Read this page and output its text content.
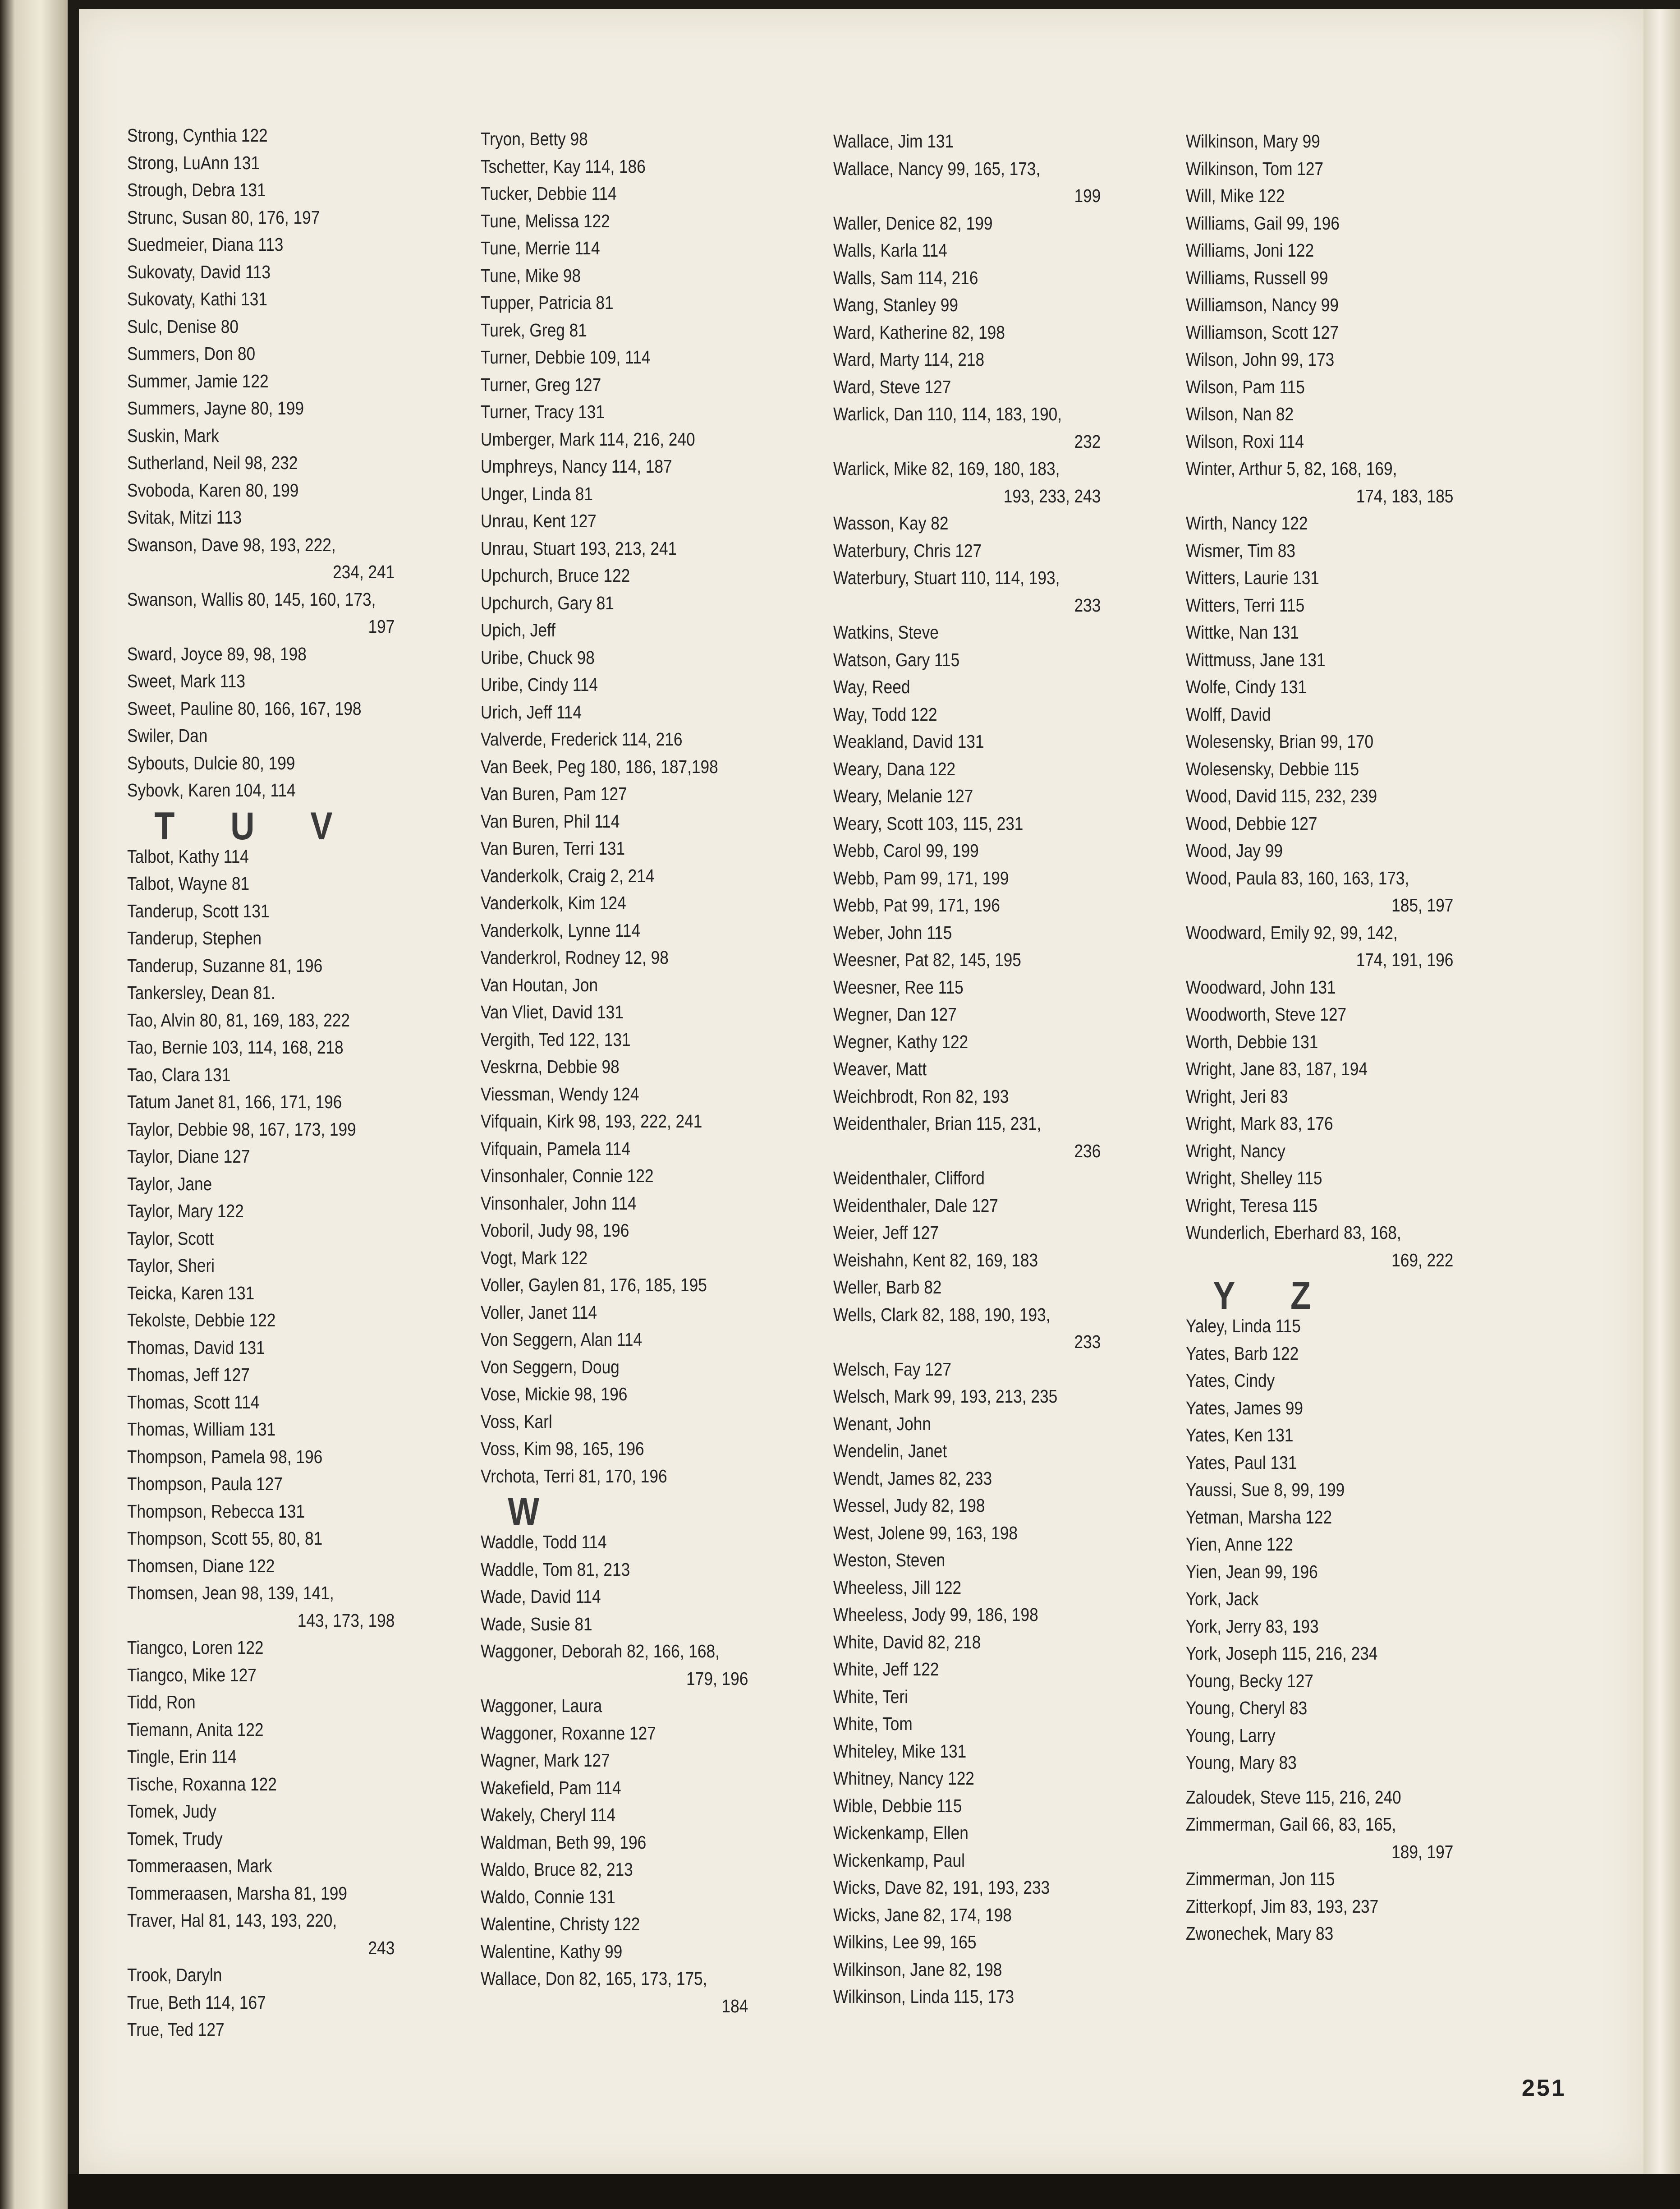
Strong, Cynthia 122
Strong, LuAnn 131
Strough, Debra 131
Strunc, Susan 80, 176, 197
Suedmeier, Diana 113
Sukovaty, David 113
Sukovaty, Kathi 131
Sulc, Denise 80
Summers, Don 80
Summer, Jamie 122
Summers, Jayne 80, 199
Suskin, Mark
Sutherland, Neil 98, 232
Svoboda, Karen 80, 199
Svitak, Mitzi 113
Swanson, Dave 98, 193, 222,
234, 241
Swanson, Wallis 80, 145, 160, 173,
197
Sward, Joyce 89, 98, 198
Sweet, Mark 113
Sweet, Pauline 80, 166, 167, 198
Swiler, Dan
Sybouts, Dulcie 80, 199
Sybovk, Karen 104, 114
T U V
Talbot, Kathy 114
Talbot, Wayne 81
Tanderup, Scott 131
Tanderup, Stephen
Tanderup, Suzanne 81, 196
Tankersley, Dean 81.
Tao, Alvin 80, 81, 169, 183, 222
Tao, Bernie 103, 114, 168, 218
Tao, Clara 131
Tatum Janet 81, 166, 171, 196
Taylor, Debbie 98, 167, 173, 199
Taylor, Diane 127
Taylor, Jane
Taylor, Mary 122
Taylor, Scott
Taylor, Sheri
Teicka, Karen 131
Tekolste, Debbie 122
Thomas, David 131
Thomas, Jeff 127
Thomas, Scott 114
Thomas, William 131
Thompson, Pamela 98, 196
Thompson, Paula 127
Thompson, Rebecca 131
Thompson, Scott 55, 80, 81
Thomsen, Diane 122
Thomsen, Jean 98, 139, 141,
143, 173, 198
Tiangco, Loren 122
Tiangco, Mike 127
Tidd, Ron
Tiemann, Anita 122
Tingle, Erin 114
Tische, Roxanna 122
Tomek, Judy
Tomek, Trudy
Tommeraasen, Mark
Tommeraasen, Marsha 81, 199
Traver, Hal 81, 143, 193, 220,
243
Trook, Daryln
True, Beth 114, 167
True, Ted 127
Tryon, Betty 98
Tschetter, Kay 114, 186
Tucker, Debbie 114
Tune, Melissa 122
Tune, Merrie 114
Tune, Mike 98
Tupper, Patricia 81
Turek, Greg 81
Turner, Debbie 109, 114
Turner, Greg 127
Turner, Tracy 131
Umberger, Mark 114, 216, 240
Umphreys, Nancy 114, 187
Unger, Linda 81
Unrau, Kent 127
Unrau, Stuart 193, 213, 241
Upchurch, Bruce 122
Upchurch, Gary 81
Upich, Jeff
Uribe, Chuck 98
Uribe, Cindy 114
Urich, Jeff 114
Valverde, Frederick 114, 216
Van Beek, Peg 180, 186, 187,198
Van Buren, Pam 127
Van Buren, Phil 114
Van Buren, Terri 131
Vanderkolk, Craig 2, 214
Vanderkolk, Kim 124
Vanderkolk, Lynne 114
Vanderkrol, Rodney 12, 98
Van Houtan, Jon
Van Vliet, David 131
Vergith, Ted 122, 131
Veskrna, Debbie 98
Viessman, Wendy 124
Vifquain, Kirk 98, 193, 222, 241
Vifquain, Pamela 114
Vinsonhaler, Connie 122
Vinsonhaler, John 114
Voboril, Judy 98, 196
Vogt, Mark 122
Voller, Gaylen 81, 176, 185, 195
Voller, Janet 114
Von Seggern, Alan 114
Von Seggern, Doug
Vose, Mickie 98, 196
Voss, Karl
Voss, Kim 98, 165, 196
Vrchota, Terri 81, 170, 196
W
Waddle, Todd 114
Waddle, Tom 81, 213
Wade, David 114
Wade, Susie 81
Waggoner, Deborah 82, 166, 168,
179, 196
Waggoner, Laura
Waggoner, Roxanne 127
Wagner, Mark 127
Wakefield, Pam 114
Wakely, Cheryl 114
Waldman, Beth 99, 196
Waldo, Bruce 82, 213
Waldo, Connie 131
Walentine, Christy 122
Walentine, Kathy 99
Wallace, Don 82, 165, 173, 175,
184
Wallace, Jim 131
Wallace, Nancy 99, 165, 173,
199
Waller, Denice 82, 199
Walls, Karla 114
Walls, Sam 114, 216
Wang, Stanley 99
Ward, Katherine 82, 198
Ward, Marty 114, 218
Ward, Steve 127
Warlick, Dan 110, 114, 183, 190,
232
Warlick, Mike 82, 169, 180, 183,
193, 233, 243
Wasson, Kay 82
Waterbury, Chris 127
Waterbury, Stuart 110, 114, 193,
233
Watkins, Steve
Watson, Gary 115
Way, Reed
Way, Todd 122
Weakland, David 131
Weary, Dana 122
Weary, Melanie 127
Weary, Scott 103, 115, 231
Webb, Carol 99, 199
Webb, Pam 99, 171, 199
Webb, Pat 99, 171, 196
Weber, John 115
Weesner, Pat 82, 145, 195
Weesner, Ree 115
Wegner, Dan 127
Wegner, Kathy 122
Weaver, Matt
Weichbrodt, Ron 82, 193
Weidenthaler, Brian 115, 231,
236
Weidenthaler, Clifford
Weidenthaler, Dale 127
Weier, Jeff 127
Weishahn, Kent 82, 169, 183
Weller, Barb 82
Wells, Clark 82, 188, 190, 193,
233
Welsch, Fay 127
Welsch, Mark 99, 193, 213, 235
Wenant, John
Wendelin, Janet
Wendt, James 82, 233
Wessel, Judy 82, 198
West, Jolene 99, 163, 198
Weston, Steven
Wheeless, Jill 122
Wheeless, Jody 99, 186, 198
White, David 82, 218
White, Jeff 122
White, Teri
White, Tom
Whiteley, Mike 131
Whitney, Nancy 122
Wible, Debbie 115
Wickenkamp, Ellen
Wickenkamp, Paul
Wicks, Dave 82, 191, 193, 233
Wicks, Jane 82, 174, 198
Wilkins, Lee 99, 165
Wilkinson, Jane 82, 198
Wilkinson, Linda 115, 173
Wilkinson, Mary 99
Wilkinson, Tom 127
Will, Mike 122
Williams, Gail 99, 196
Williams, Joni 122
Williams, Russell 99
Williamson, Nancy 99
Williamson, Scott 127
Wilson, John 99, 173
Wilson, Pam 115
Wilson, Nan 82
Wilson, Roxi 114
Winter, Arthur 5, 82, 168, 169,
174, 183, 185
Wirth, Nancy 122
Wismer, Tim 83
Witters, Laurie 131
Witters, Terri 115
Wittke, Nan 131
Wittmuss, Jane 131
Wolfe, Cindy 131
Wolff, David
Wolesensky, Brian 99, 170
Wolesensky, Debbie 115
Wood, David 115, 232, 239
Wood, Debbie 127
Wood, Jay 99
Wood, Paula 83, 160, 163, 173,
185, 197
Woodward, Emily 92, 99, 142,
174, 191, 196
Woodward, John 131
Woodworth, Steve 127
Worth, Debbie 131
Wright, Jane 83, 187, 194
Wright, Jeri 83
Wright, Mark 83, 176
Wright, Nancy
Wright, Shelley 115
Wright, Teresa 115
Wunderlich, Eberhard 83, 168,
169, 222
Y Z
Yaley, Linda 115
Yates, Barb 122
Yates, Cindy
Yates, James 99
Yates, Ken 131
Yates, Paul 131
Yaussi, Sue 8, 99, 199
Yetman, Marsha 122
Yien, Anne 122
Yien, Jean 99, 196
York, Jack
York, Jerry 83, 193
York, Joseph 115, 216, 234
Young, Becky 127
Young, Cheryl 83
Young, Larry
Young, Mary 83
Zaloudek, Steve 115, 216, 240
Zimmerman, Gail 66, 83, 165,
189, 197
Zimmerman, Jon 115
Zitterkopf, Jim 83, 193, 237
Zwonechek, Mary 83
251
